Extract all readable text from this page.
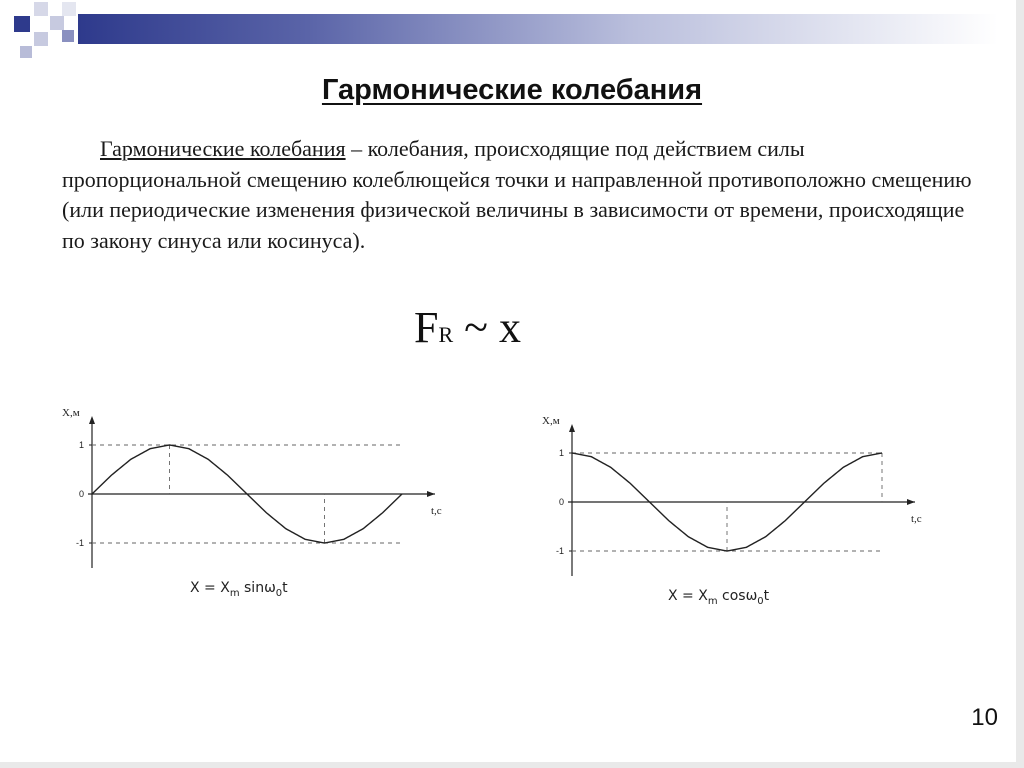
Гармонические колебания
Гармонические колебания – колебания, происходящие под действием силы пропорциональной смещению колеблющейся точки и направленной противоположно смещению (или периодические изменения физической величины в зависимости от времени, происходящие по закону синуса или косинуса).
FR ~ x
1
0
-1
X,м
t,c
$X = X_m$ sinω$_0$t
1
0
-1
X,м
t,c
$X = X_m$ cosω$_0$t
10
